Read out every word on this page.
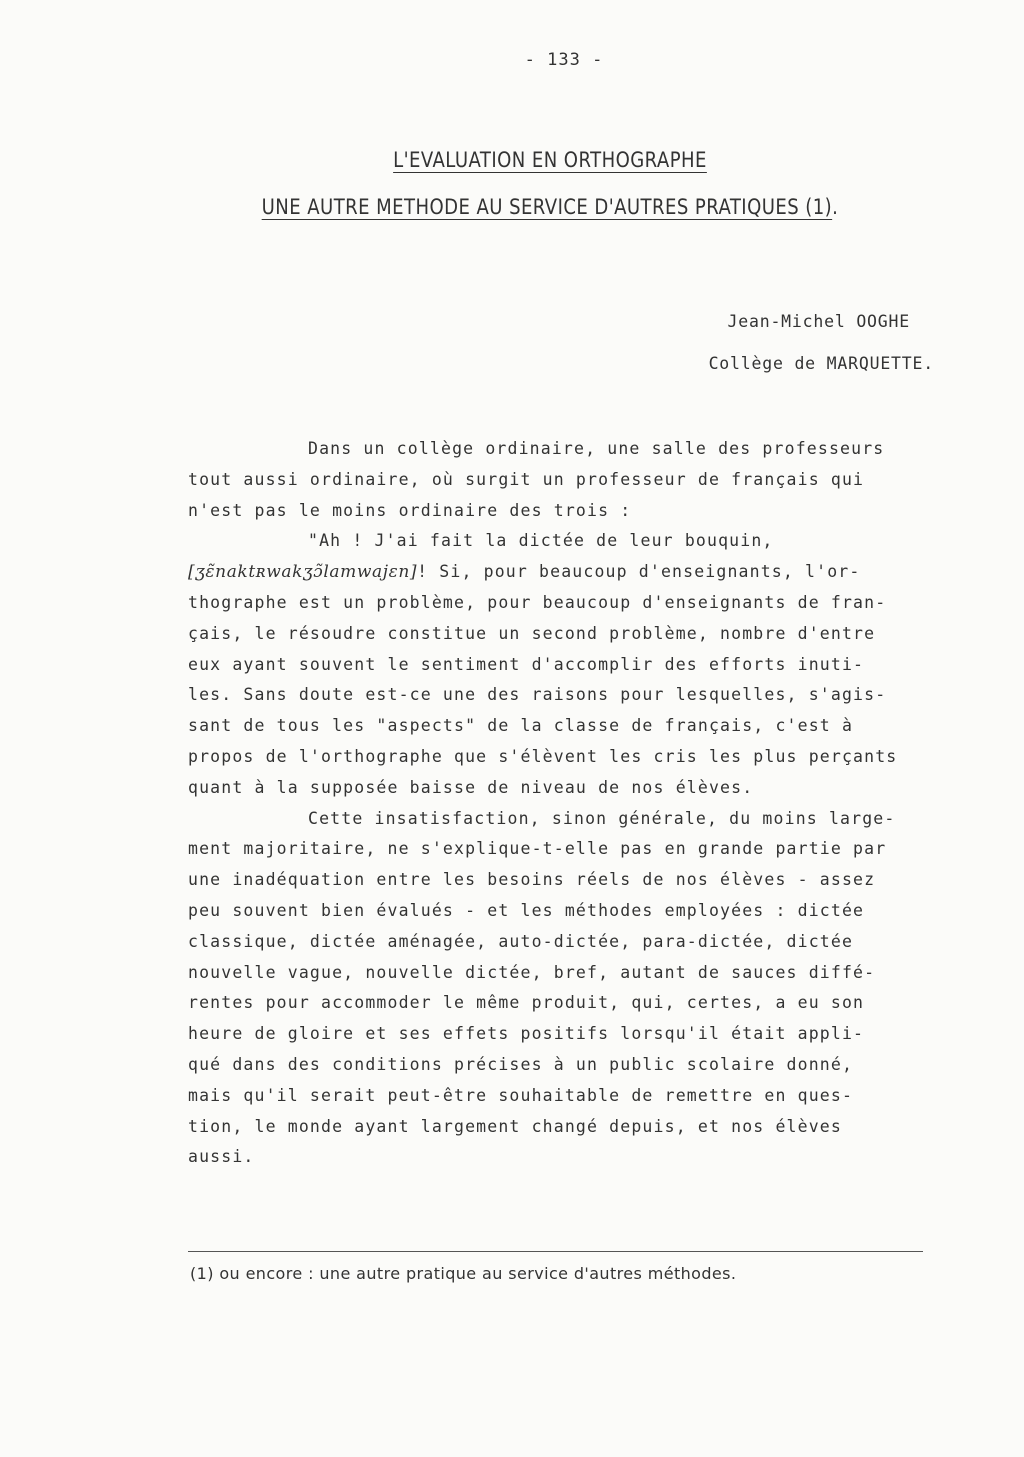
- 133 -
L'EVALUATION EN ORTHOGRAPHE
UNE AUTRE METHODE AU SERVICE D'AUTRES PRATIQUES (1).
Jean-Michel OOGHE
Collège de MARQUETTE.
Dans un collège ordinaire, une salle des professeurs
tout aussi ordinaire, où surgit un professeur de français qui
n'est pas le moins ordinaire des trois :
"Ah ! J'ai fait la dictée de leur bouquin,
[ʒɛ̃naktʀwakʒɔ̃lamwajɛn]! Si, pour beaucoup d'enseignants, l'or-
thographe est un problème, pour beaucoup d'enseignants de fran-
çais, le résoudre constitue un second problème, nombre d'entre
eux ayant souvent le sentiment d'accomplir des efforts inuti-
les. Sans doute est-ce une des raisons pour lesquelles, s'agis-
sant de tous les "aspects" de la classe de français, c'est à
propos de l'orthographe que s'élèvent les cris les plus perçants
quant à la supposée baisse de niveau de nos élèves.
Cette insatisfaction, sinon générale, du moins large-
ment majoritaire, ne s'explique-t-elle pas en grande partie par
une inadéquation entre les besoins réels de nos élèves - assez
peu souvent bien évalués - et les méthodes employées : dictée
classique, dictée aménagée, auto-dictée, para-dictée, dictée
nouvelle vague, nouvelle dictée, bref, autant de sauces diffé-
rentes pour accommoder le même produit, qui, certes, a eu son
heure de gloire et ses effets positifs lorsqu'il était appli-
qué dans des conditions précises à un public scolaire donné,
mais qu'il serait peut-être souhaitable de remettre en ques-
tion, le monde ayant largement changé depuis, et nos élèves
aussi.
(1) ou encore : une autre pratique au service d'autres méthodes.
